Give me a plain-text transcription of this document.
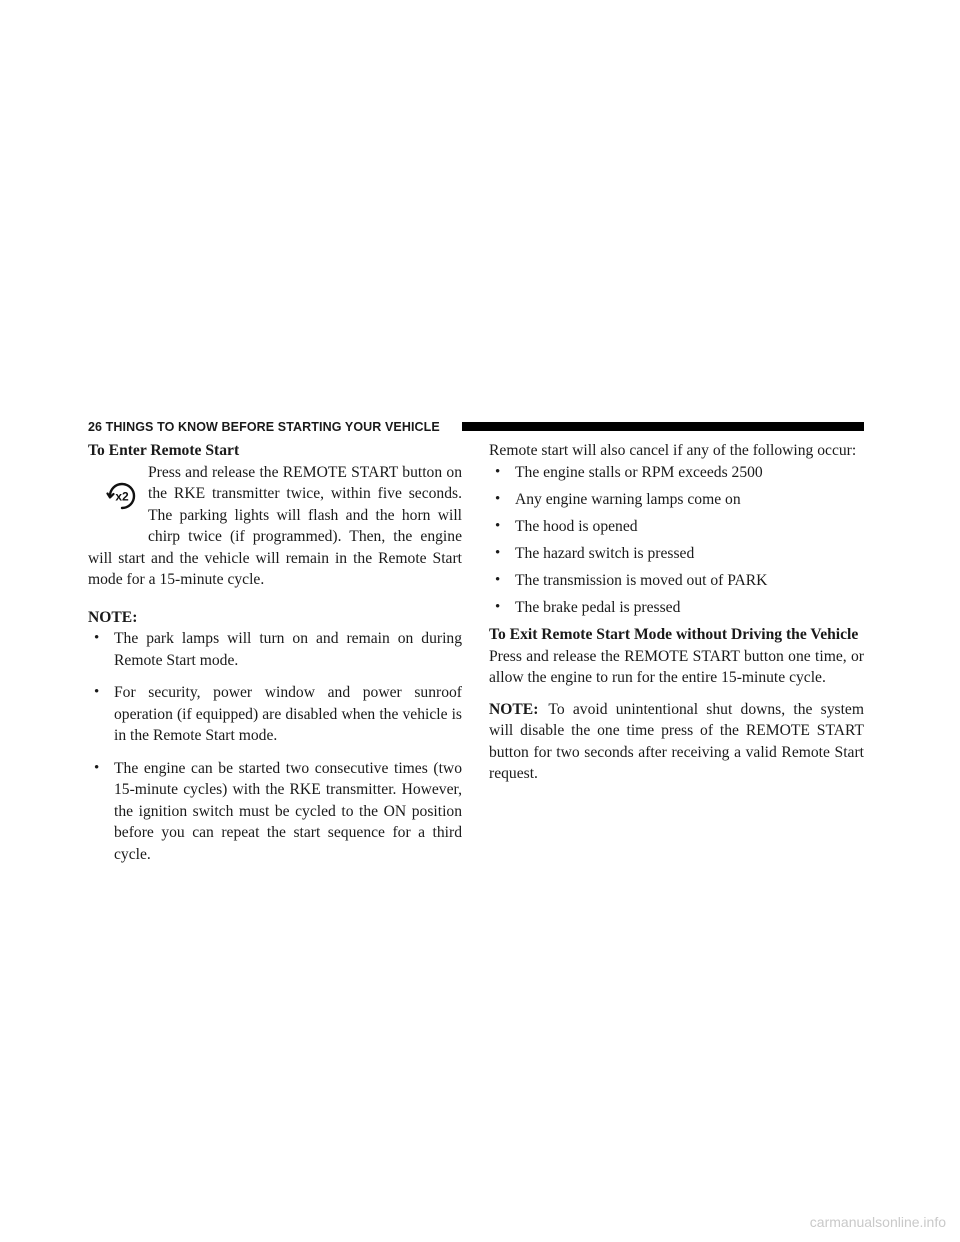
26 THINGS TO KNOW BEFORE STARTING YOUR VEHICLE
To Enter Remote Start
x2

Press and release the REMOTE START button on the RKE transmitter twice, within five seconds. The parking lights will flash and the horn will chirp twice (if programmed). Then, the engine will start and the vehicle will remain in the Remote Start mode for a 15-minute cycle.

NOTE:
• The park lamps will turn on and remain on during Remote Start mode.
• For security, power window and power sunroof operation (if equipped) are disabled when the vehicle is in the Remote Start mode.
• The engine can be started two consecutive times (two 15-minute cycles) with the RKE transmitter. However, the ignition switch must be cycled to the ON position before you can repeat the start sequence for a third cycle.

Remote start will also cancel if any of the following occur:

• The engine stalls or RPM exceeds 2500
• Any engine warning lamps come on
• The hood is opened
• The hazard switch is pressed
• The transmission is moved out of PARK
• The brake pedal is pressed
To Exit Remote Start Mode without Driving the Vehicle

Press and release the REMOTE START button one time, or allow the engine to run for the entire 15-minute cycle.

NOTE: To avoid unintentional shut downs, the system will disable the one time press of the REMOTE START button for two seconds after receiving a valid Remote Start request.

carmanualsonline.info
